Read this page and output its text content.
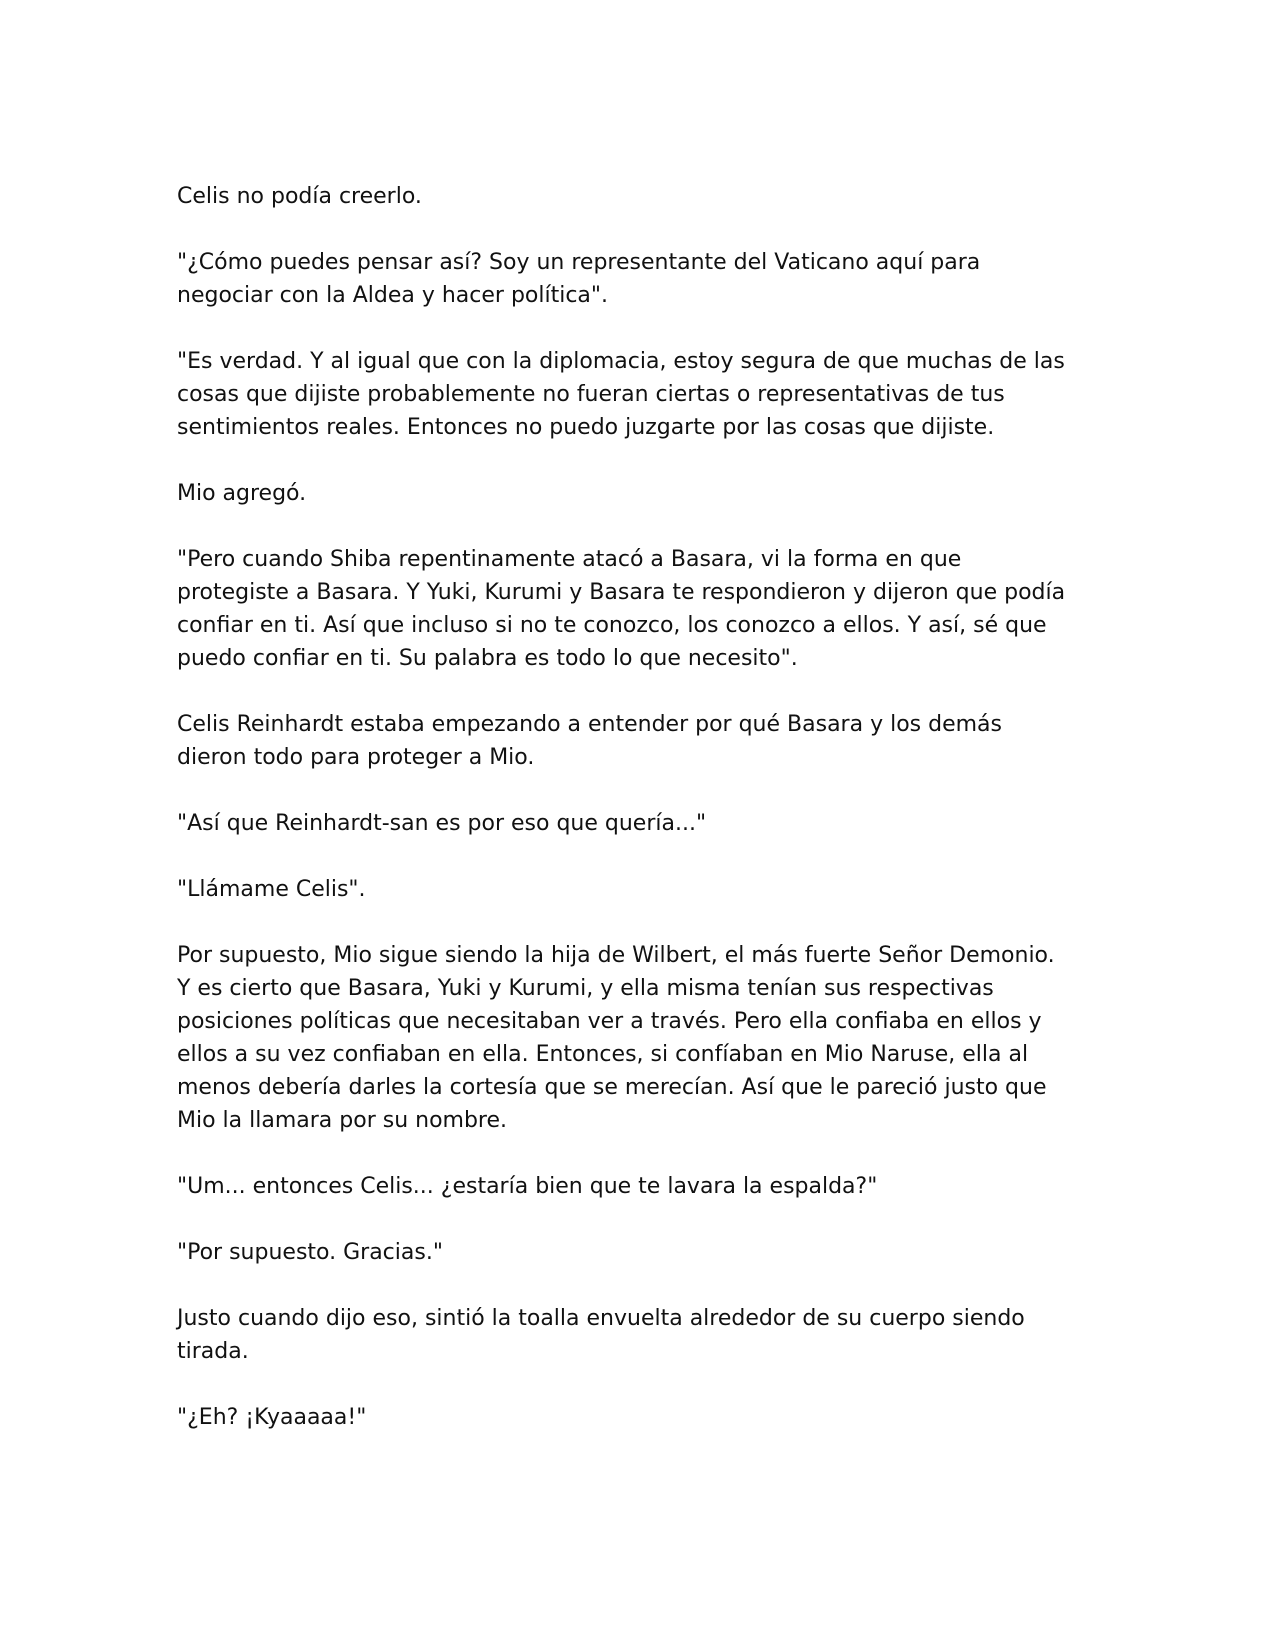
Celis no podía creerlo.

"¿Cómo puedes pensar así? Soy un representante del Vaticano aquí para negociar con la Aldea y hacer política".

"Es verdad. Y al igual que con la diplomacia, estoy segura de que muchas de las cosas que dijiste probablemente no fueran ciertas o representativas de tus sentimientos reales. Entonces no puedo juzgarte por las cosas que dijiste.

Mio agregó.

"Pero cuando Shiba repentinamente atacó a Basara, vi la forma en que protegiste a Basara. Y Yuki, Kurumi y Basara te respondieron y dijeron que podía confiar en ti. Así que incluso si no te conozco, los conozco a ellos. Y así, sé que puedo confiar en ti. Su palabra es todo lo que necesito".

Celis Reinhardt estaba empezando a entender por qué Basara y los demás dieron todo para proteger a Mio.

"Así que Reinhardt-san es por eso que quería..."

"Llámame Celis".

Por supuesto, Mio sigue siendo la hija de Wilbert, el más fuerte Señor Demonio. Y es cierto que Basara, Yuki y Kurumi, y ella misma tenían sus respectivas posiciones políticas que necesitaban ver a través. Pero ella confiaba en ellos y ellos a su vez confiaban en ella. Entonces, si confíaban en Mio Naruse, ella al menos debería darles la cortesía que se merecían. Así que le pareció justo que Mio la llamara por su nombre.

"Um... entonces Celis... ¿estaría bien que te lavara la espalda?"

"Por supuesto. Gracias."

Justo cuando dijo eso, sintió la toalla envuelta alrededor de su cuerpo siendo tirada.

"¿Eh? ¡Kyaaaaa!"
